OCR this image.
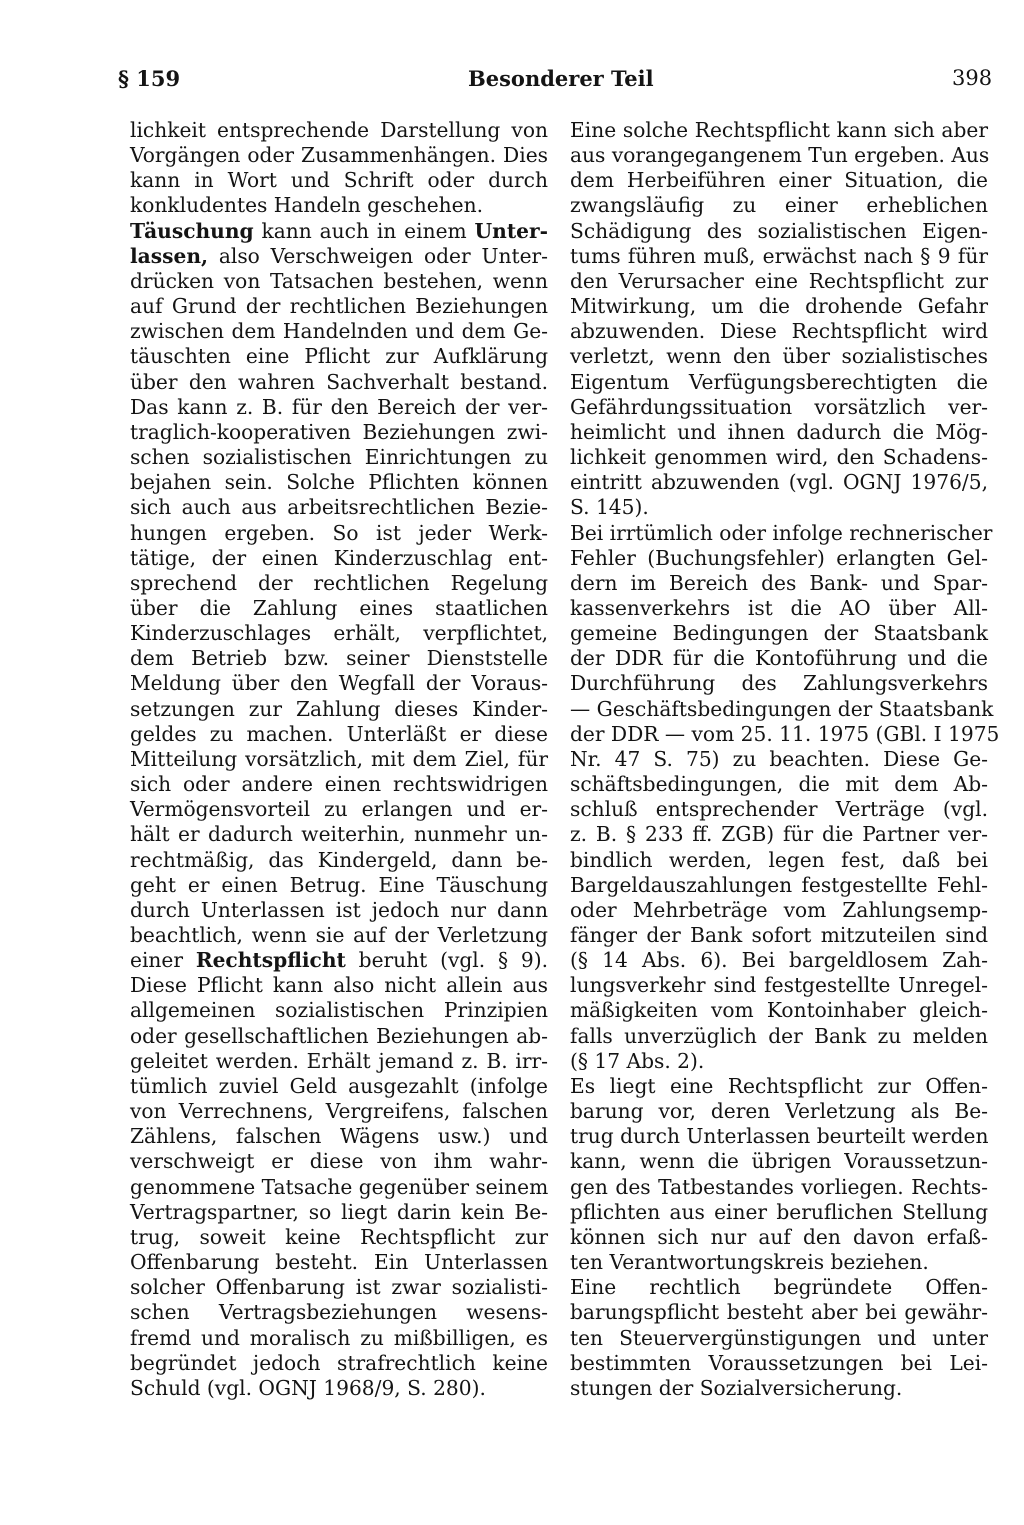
§ 159	Besonderer Teil	398
lichkeit entsprechende Darstellung von
Vorgängen oder Zusammenhängen. Dies
kann in Wort und Schrift oder durch
konkludentes Handeln geschehen.
Täuschung kann auch in einem Unter-
lassen, also Verschweigen oder Unter-
drücken von Tatsachen bestehen, wenn
auf Grund der rechtlichen Beziehungen
zwischen dem Handelnden und dem Ge-
täuschten eine Pflicht zur Aufklärung
über den wahren Sachverhalt bestand.
Das kann z. B. für den Bereich der ver-
traglich-kooperativen Beziehungen zwi-
schen sozialistischen Einrichtungen zu
bejahen sein. Solche Pflichten können
sich auch aus arbeitsrechtlichen Bezie-
hungen ergeben. So ist jeder Werk-
tätige, der einen Kinderzuschlag ent-
sprechend der rechtlichen Regelung
über die Zahlung eines staatlichen
Kinderzuschlages erhält, verpflichtet,
dem Betrieb bzw. seiner Dienststelle
Meldung über den Wegfall der Voraus-
setzungen zur Zahlung dieses Kinder-
geldes zu machen. Unterläßt er diese
Mitteilung vorsätzlich, mit dem Ziel, für
sich oder andere einen rechtswidrigen
Vermögensvorteil zu erlangen und er-
hält er dadurch weiterhin, nunmehr un-
rechtmäßig, das Kindergeld, dann be-
geht er einen Betrug. Eine Täuschung
durch Unterlassen ist jedoch nur dann
beachtlich, wenn sie auf der Verletzung
einer Rechtspflicht beruht (vgl. § 9).
Diese Pflicht kann also nicht allein aus
allgemeinen sozialistischen Prinzipien
oder gesellschaftlichen Beziehungen ab-
geleitet werden. Erhält jemand z. B. irr-
tümlich zuviel Geld ausgezahlt (infolge
von Verrechnens, Vergreifens, falschen
Zählens, falschen Wägens usw.) und
verschweigt er diese von ihm wahr-
genommene Tatsache gegenüber seinem
Vertragspartner, so liegt darin kein Be-
trug, soweit keine Rechtspflicht zur
Offenbarung besteht. Ein Unterlassen
solcher Offenbarung ist zwar sozialisti-
schen Vertragsbeziehungen wesens-
fremd und moralisch zu mißbilligen, es
begründet jedoch strafrechtlich keine
Schuld (vgl. OGNJ 1968/9, S. 280).
Eine solche Rechtspflicht kann sich aber
aus vorangegangenem Tun ergeben. Aus
dem Herbeiführen einer Situation, die
zwangsläufig zu einer erheblichen
Schädigung des sozialistischen Eigen-
tums führen muß, erwächst nach § 9 für
den Verursacher eine Rechtspflicht zur
Mitwirkung, um die drohende Gefahr
abzuwenden. Diese Rechtspflicht wird
verletzt, wenn den über sozialistisches
Eigentum Verfügungsberechtigten die
Gefährdungssituation vorsätzlich ver-
heimlicht und ihnen dadurch die Mög-
lichkeit genommen wird, den Schadens-
eintritt abzuwenden (vgl. OGNJ 1976/5,
S. 145).
Bei irrtümlich oder infolge rechnerischer
Fehler (Buchungsfehler) erlangten Gel-
dern im Bereich des Bank- und Spar-
kassenverkehrs ist die AO über All-
gemeine Bedingungen der Staatsbank
der DDR für die Kontoführung und die
Durchführung des Zahlungsverkehrs
— Geschäftsbedingungen der Staatsbank
der DDR — vom 25. 11. 1975 (GBl. I 1975
Nr. 47 S. 75) zu beachten. Diese Ge-
schäftsbedingungen, die mit dem Ab-
schluß entsprechender Verträge (vgl.
z. B. § 233 ff. ZGB) für die Partner ver-
bindlich werden, legen fest, daß bei
Bargeldauszahlungen festgestellte Fehl-
oder Mehrbeträge vom Zahlungsemp-
fänger der Bank sofort mitzuteilen sind
(§ 14 Abs. 6). Bei bargeldlosem Zah-
lungsverkehr sind festgestellte Unregel-
mäßigkeiten vom Kontoinhaber gleich-
falls unverzüglich der Bank zu melden
(§ 17 Abs. 2).
Es liegt eine Rechtspflicht zur Offen-
barung vor, deren Verletzung als Be-
trug durch Unterlassen beurteilt werden
kann, wenn die übrigen Voraussetzun-
gen des Tatbestandes vorliegen. Rechts-
pflichten aus einer beruflichen Stellung
können sich nur auf den davon erfaß-
ten Verantwortungskreis beziehen.
Eine rechtlich begründete Offen-
barungspflicht besteht aber bei gewähr-
ten Steuervergünstigungen und unter
bestimmten Voraussetzungen bei Lei-
stungen der Sozialversicherung.
